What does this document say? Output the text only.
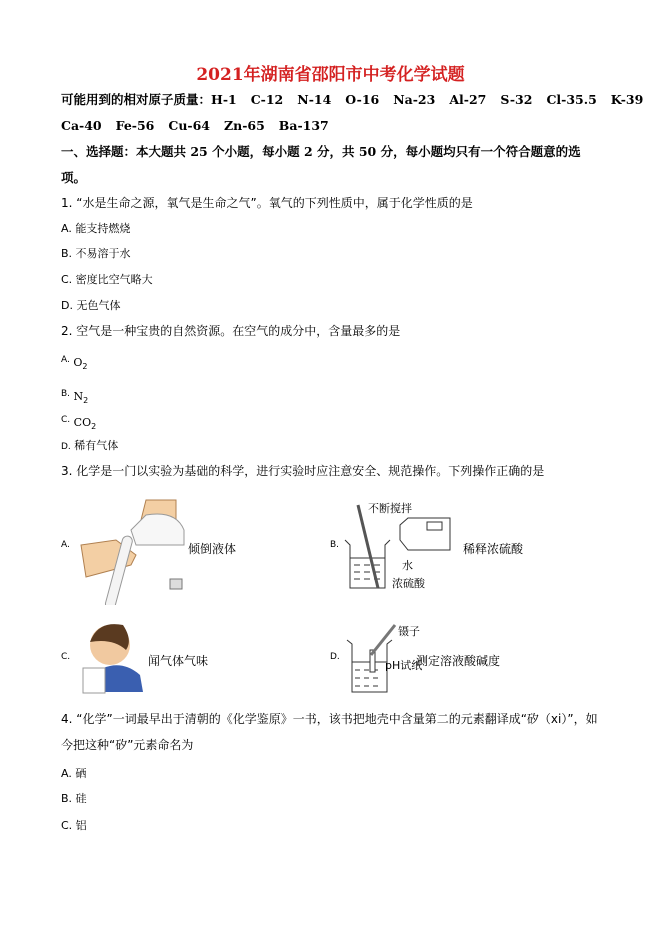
2021年湖南省邵阳市中考化学试题
可能用到的相对原子质量：H-1 C-12 N-14 O-16 Na-23 Al-27 S-32 Cl-35.5 K-39
Ca-40 Fe-56 Cu-64 Zn-65 Ba-137
一、选择题：本大题共 25 个小题，每小题 2 分，共 50 分，每小题均只有一个符合题意的选
项。
1. “水是生命之源，氧气是生命之气”。氧气的下列性质中，属于化学性质的是
A. 能支持燃烧
B. 不易溶于水
C. 密度比空气略大
D. 无色气体
2. 空气是一种宝贵的自然资源。在空气的成分中，含量最多的是
$^{A.}$ $O_2$
$^{B.}$ $N_2$
$^{C.}$ $CO_2$
D. 稀有气体
3. 化学是一门以实验为基础的科学，进行实验时应注意安全、规范操作。下列操作正确的是
A.	倾倒液体	B.
不断搅拌
水
浓硫酸
稀释浓硫酸
C.	闻气体气味	D.
镊子
pH试纸
测定溶液酸碱度
4. “化学”一词最早出于清朝的《化学鉴原》一书，该书把地壳中含量第二的元素翻译成“矽（xi）”，如
今把这种“矽”元素命名为
A. 硒
B. 硅
C. 铝
